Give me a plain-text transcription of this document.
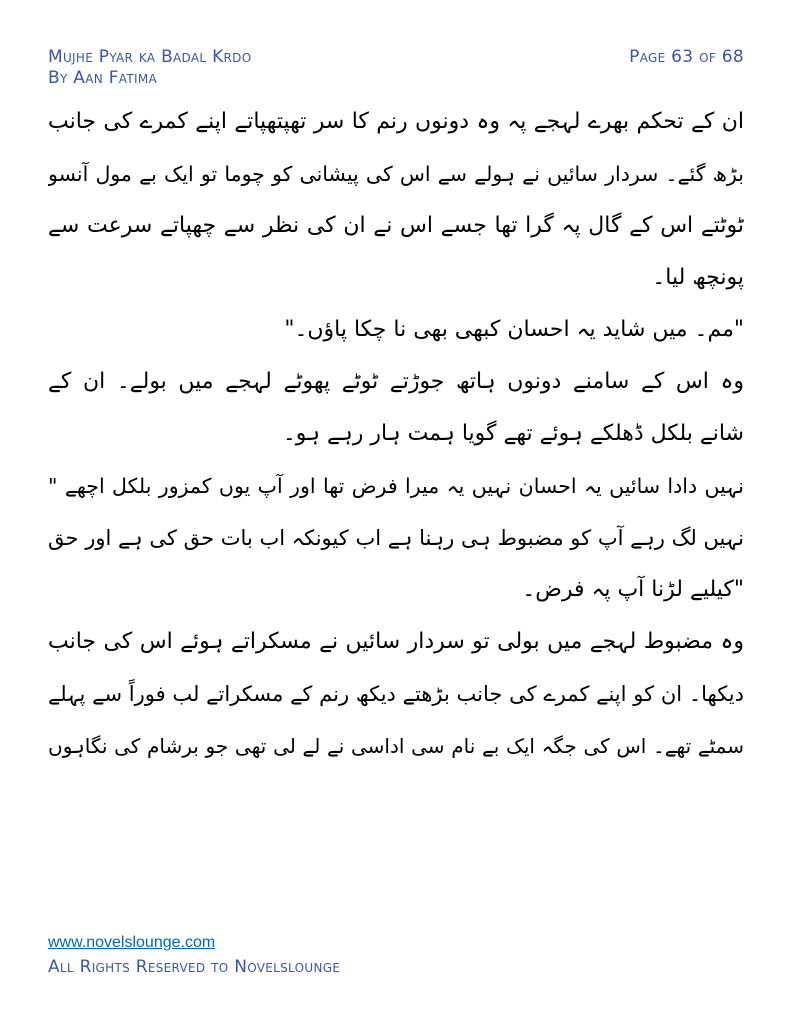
Mujhe Pyar ka Badal Krdo
By Aan Fatima
Page 63 of 68
ان کے تحکم بھرے لہجے پہ وہ دونوں رنم کا سر تھپتھپاتے اپنے کمرے کی جانب
بڑھ گئے۔ سردار سائیں نے ہولے سے اس کی پیشانی کو چوما تو ایک بے مول آنسو
ٹوٹتے اس کے گال پہ گرا تھا جسے اس نے ان کی نظر سے چھپاتے سرعت سے
پونچھ لیا۔
"مم۔ میں شاید یہ احسان کبھی بھی نا چکا پاؤں۔"
وہ اس کے سامنے دونوں ہاتھ جوڑتے ٹوٹے پھوٹے لہجے میں بولے۔ ان کے
شانے بلکل ڈھلکے ہوئے تھے گویا ہمت ہار رہے ہو۔
نہیں دادا سائیں یہ احسان نہیں یہ میرا فرض تھا اور آپ یوں کمزور بلکل اچھے "
نہیں لگ رہے آپ کو مضبوط ہی رہنا ہے اب کیونکہ اب بات حق کی ہے اور حق
"کیلیے لڑنا آپ پہ فرض۔
وہ مضبوط لہجے میں بولی تو سردار سائیں نے مسکراتے ہوئے اس کی جانب
دیکھا۔ ان کو اپنے کمرے کی جانب بڑھتے دیکھ رنم کے مسکراتے لب فوراً سے پہلے
سمٹے تھے۔ اس کی جگہ ایک بے نام سی اداسی نے لے لی تھی جو برشام کی نگاہوں
www.novelslounge.com
All Rights Reserved to Novelslounge
